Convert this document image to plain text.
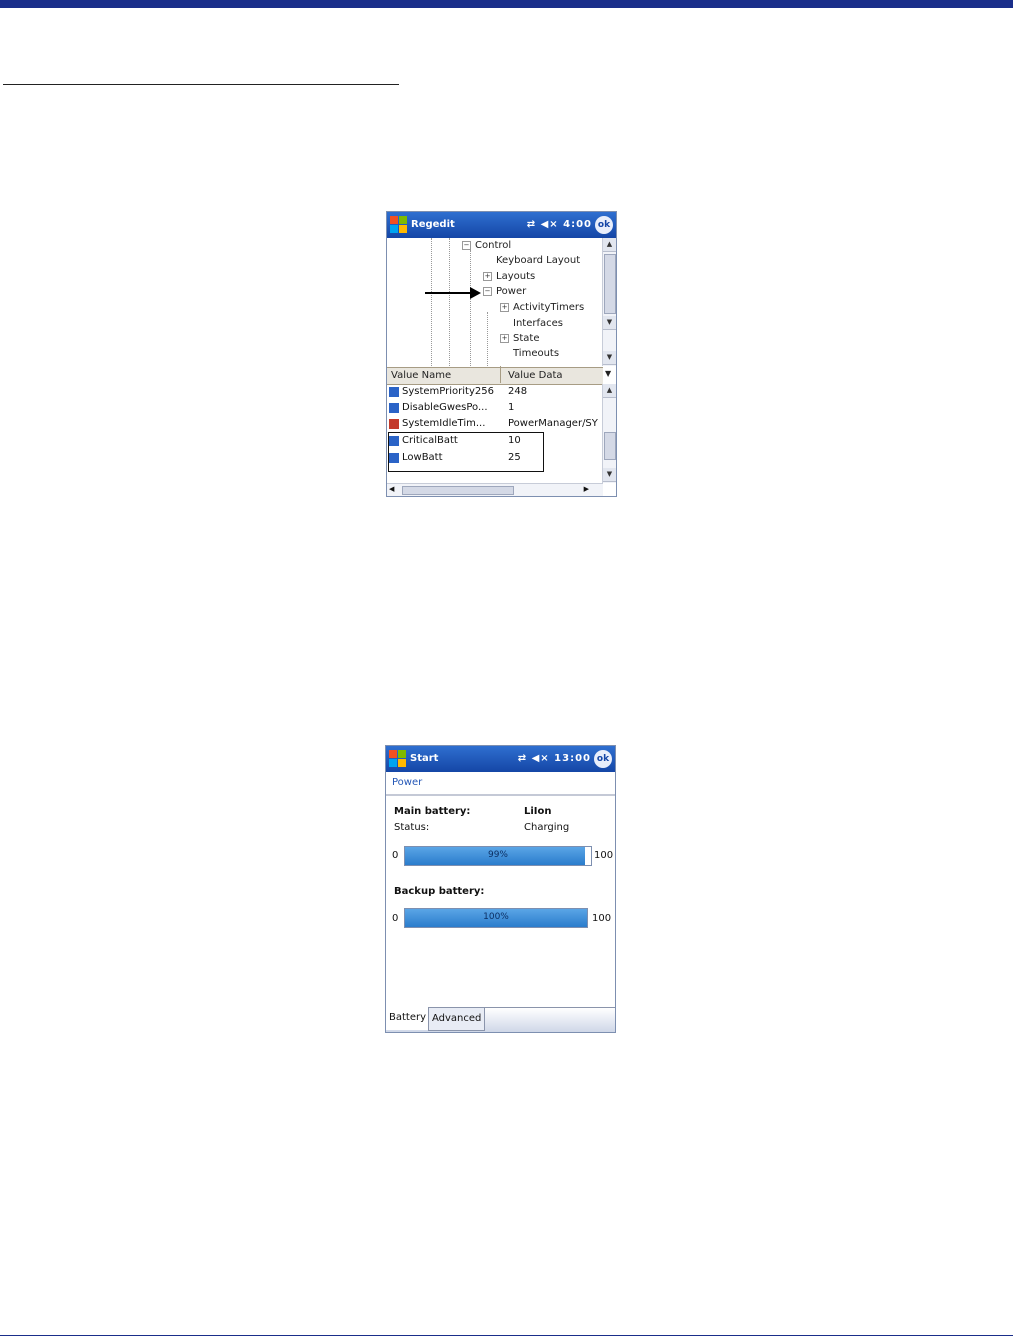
Regedit	⇄ ◀× 4:00 ok
− Control
Keyboard Layout
+ Layouts
− Power
+ ActivityTimers
Interfaces
+ State
Timeouts
▲
▼
▼
Value Name	Value Data	▼
SystemPriority256 248
DisableGwesPo... 1
SystemIdleTim... PowerManager/SY
CriticalBatt	10
LowBatt	25
▲
▼
◀	▶
Start	⇄ ◀× 13:00 ok
Power
Main battery:	LiIon
Status:	Charging
0	99%	100
Backup battery:
0	100%	100
Battery Advanced
